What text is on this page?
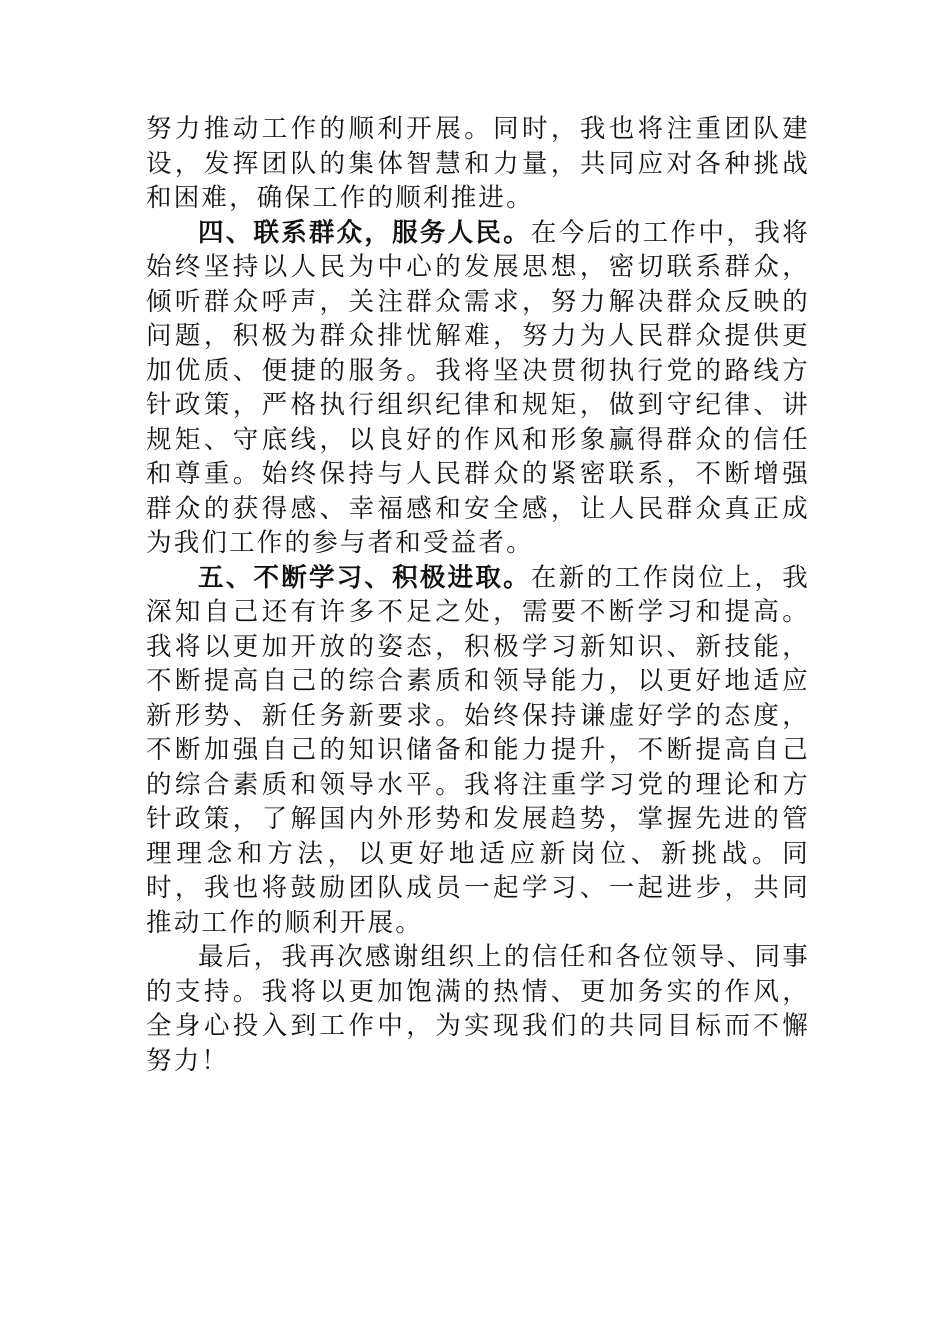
努力推动工作的顺利开展。同时，我也将注重团队建设，发挥团队的集体智慧和力量，共同应对各种挑战和困难，确保工作的顺利推进。

四、联系群众，服务人民。在今后的工作中，我将始终坚持以人民为中心的发展思想，密切联系群众，倾听群众呼声，关注群众需求，努力解决群众反映的问题，积极为群众排忧解难，努力为人民群众提供更加优质、便捷的服务。我将坚决贯彻执行党的路线方针政策，严格执行组织纪律和规矩，做到守纪律、讲规矩、守底线，以良好的作风和形象赢得群众的信任和尊重。始终保持与人民群众的紧密联系，不断增强群众的获得感、幸福感和安全感，让人民群众真正成为我们工作的参与者和受益者。

五、不断学习、积极进取。在新的工作岗位上，我深知自己还有许多不足之处，需要不断学习和提高。我将以更加开放的姿态，积极学习新知识、新技能，不断提高自己的综合素质和领导能力，以更好地适应新形势、新任务新要求。始终保持谦虚好学的态度，不断加强自己的知识储备和能力提升，不断提高自己的综合素质和领导水平。我将注重学习党的理论和方针政策，了解国内外形势和发展趋势，掌握先进的管理理念和方法，以更好地适应新岗位、新挑战。同时，我也将鼓励团队成员一起学习、一起进步，共同推动工作的顺利开展。

最后，我再次感谢组织上的信任和各位领导、同事的支持。我将以更加饱满的热情、更加务实的作风，全身心投入到工作中，为实现我们的共同目标而不懈努力！
